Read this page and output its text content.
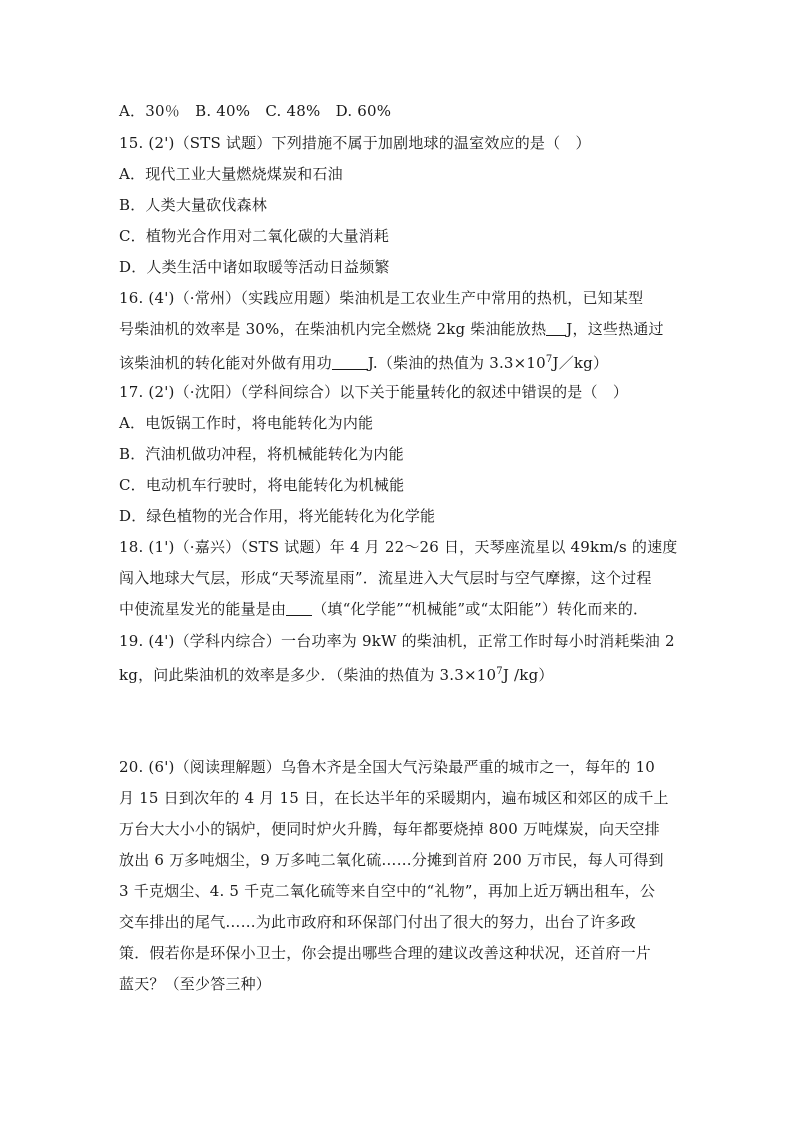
A．30％　B. 40%　C. 48%　D. 60%
15. (2')（STS 试题）下列措施不属于加剧地球的温室效应的是（　）
A．现代工业大量燃烧煤炭和石油
B．人类大量砍伐森林
C．植物光合作用对二氧化碳的大量消耗
D．人类生活中诸如取暖等活动日益频繁
16. (4')（·常州）（实践应用题）柴油机是工农业生产中常用的热机，已知某型
号柴油机的效率是 30%，在柴油机内完全燃烧 2kg 柴油能放热 J，这些热通过
该柴油机的转化能对外做有用功 J.（柴油的热值为 $3.3\times 10^7J/kg$）
17. (2')（·沈阳）（学科间综合）以下关于能量转化的叙述中错误的是（　）
A．电饭锅工作时，将电能转化为内能
B．汽油机做功冲程，将机械能转化为内能
C．电动机车行驶时，将电能转化为机械能
D．绿色植物的光合作用，将光能转化为化学能
18. (1')（·嘉兴）（STS 试题）年 4 月 22～26 日，天琴座流星以 49km/s 的速度
闯入地球大气层，形成“天琴流星雨”．流星进入大气层时与空气摩擦，这个过程
中使流星发光的能量是由 （填“化学能”“机械能”或“太阳能”）转化而来的．
19. (4')（学科内综合）一台功率为 9kW 的柴油机，正常工作时每小时消耗柴油 2
kg，问此柴油机的效率是多少．（柴油的热值为 $3.3\times 10^7J$ /kg）
20. (6')（阅读理解题）乌鲁木齐是全国大气污染最严重的城市之一，每年的 10
月 15 日到次年的 4 月 15 日，在长达半年的采暖期内，遍布城区和郊区的成千上
万台大大小小的锅炉，便同时炉火升腾，每年都要烧掉 800 万吨煤炭，向天空排
放出 6 万多吨烟尘，9 万多吨二氧化硫……分摊到首府 200 万市民，每人可得到
3 千克烟尘、4. 5 千克二氧化硫等来自空中的“礼物”，再加上近万辆出租车，公
交车排出的尾气……为此市政府和环保部门付出了很大的努力，出台了许多政
策．假若你是环保小卫士，你会提出哪些合理的建议改善这种状况，还首府一片
蓝天？（至少答三种）
